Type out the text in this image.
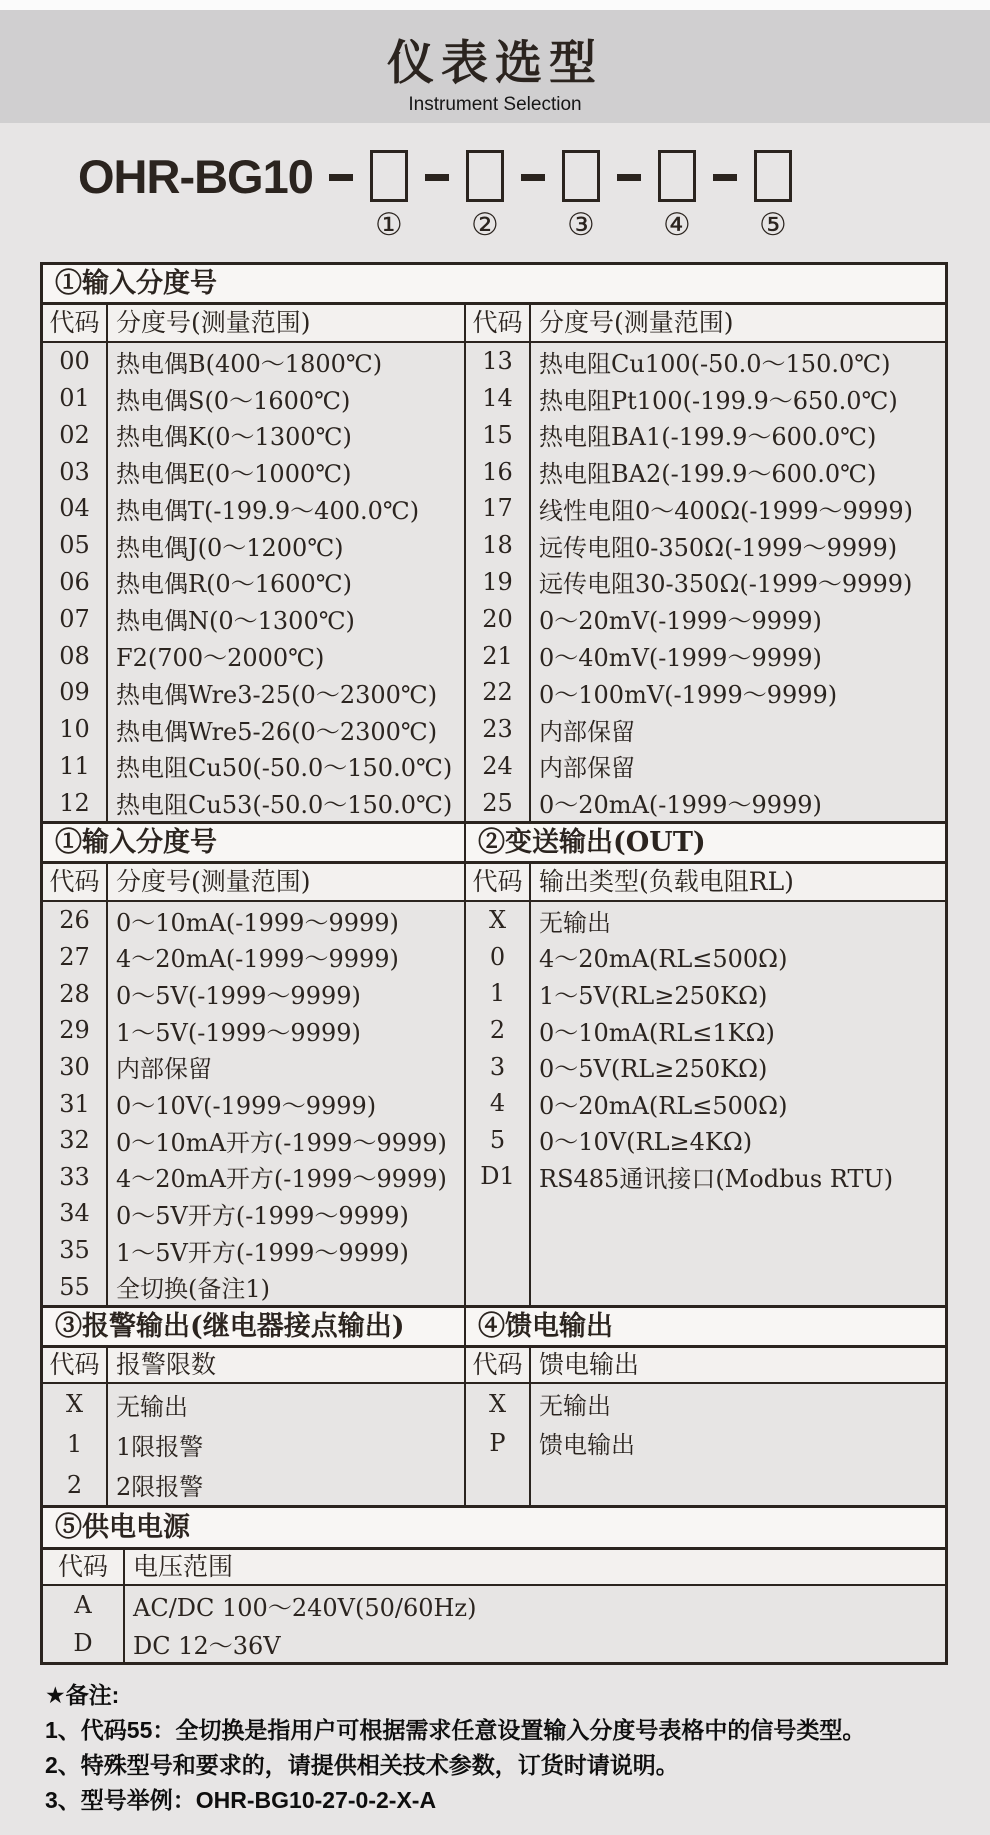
仪表选型
Instrument Selection
OHR-BG10
① ② ③ ④ ⑤
①输入分度号
代码 分度号(测量范围)
00	热电偶B(400～1800℃)
01	热电偶S(0～1600℃)
02	热电偶K(0～1300℃)
03	热电偶E(0～1000℃)
04	热电偶T(-199.9～400.0℃)
05	热电偶J(0～1200℃)
06	热电偶R(0～1600℃)
07	热电偶N(0～1300℃)
08	F2(700～2000℃)
09	热电偶Wre3-25(0～2300℃)
10	热电偶Wre5-26(0～2300℃)
11	热电阻Cu50(-50.0～150.0℃)
12	热电阻Cu53(-50.0～150.0℃)
代码 分度号(测量范围)
13	热电阻Cu100(-50.0～150.0℃)
14	热电阻Pt100(-199.9～650.0℃)
15	热电阻BA1(-199.9～600.0℃)
16	热电阻BA2(-199.9～600.0℃)
17	线性电阻0～400Ω(-1999～9999)
18	远传电阻0-350Ω(-1999～9999)
19	远传电阻30-350Ω(-1999～9999)
20	0～20mV(-1999～9999)
21	0～40mV(-1999～9999)
22	0～100mV(-1999～9999)
23	内部保留
24	内部保留
25	0～20mA(-1999～9999)
①输入分度号	②变送输出(OUT)
代码 分度号(测量范围)
26	0～10mA(-1999～9999)
27	4～20mA(-1999～9999)
28	0～5V(-1999～9999)
29	1～5V(-1999～9999)
30	内部保留
31	0～10V(-1999～9999)
32	0～10mA开方(-1999～9999)
33	4～20mA开方(-1999～9999)
34	0～5V开方(-1999～9999)
35	1～5V开方(-1999～9999)
55	全切换(备注1)
代码 输出类型(负载电阻RL)
X	无输出
0	4～20mA(RL≤500Ω)
1	1～5V(RL≥250KΩ)
2	0～10mA(RL≤1KΩ)
3	0～5V(RL≥250KΩ)
4	0～20mA(RL≤500Ω)
5	0～10V(RL≥4KΩ)
D1	RS485通讯接口(Modbus RTU)
③报警输出(继电器接点输出)	④馈电输出
代码 报警限数
X	无输出
1	1限报警
2	2限报警
代码 馈电输出
X	无输出
P	馈电输出
⑤供电电源
代码	电压范围
A	AC/DC 100～240V(50/60Hz)
D	DC 12～36V
★备注:
1、代码55：全切换是指用户可根据需求任意设置输入分度号表格中的信号类型。
2、特殊型号和要求的，请提供相关技术参数，订货时请说明。
3、型号举例：OHR-BG10-27-0-2-X-A
